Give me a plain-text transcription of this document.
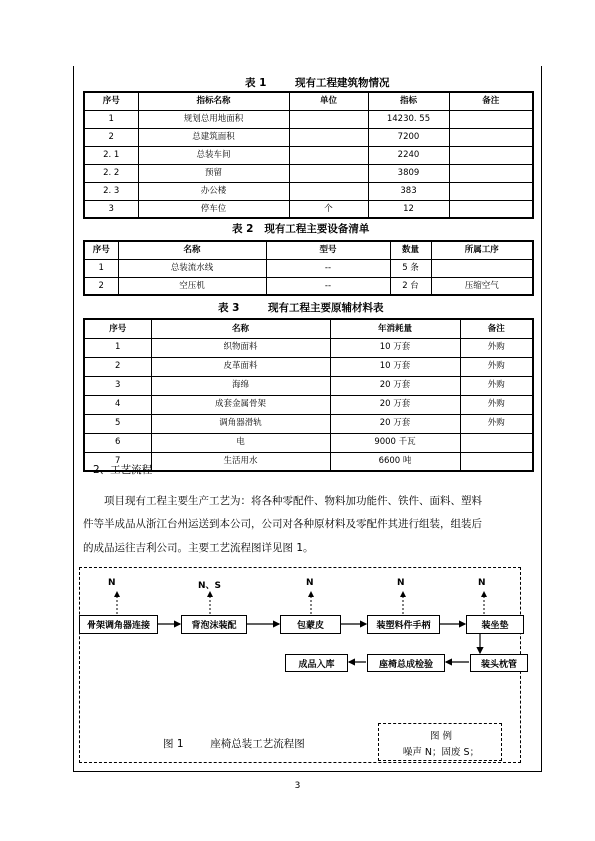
表 1	现有工程建筑物情况
序号	指标名称	单位	指标	备注
1	规划总用地面积		14230. 55	
2	总建筑面积		7200	
2. 1	总装车间		2240	
2. 2	预留		3809	
2. 3	办公楼		383	
3	停车位	个	12	
表 2   现有工程主要设备清单
序号	名称	型号	数量	所属工序
1	总装流水线	--	5 条	
2	空压机	--	2 台	压缩空气
表 3	现有工程主要原辅材料表
序号	名称	年消耗量	备注
1	织物面料	10 万套	外购
2	皮革面料	10 万套	外购
3	海绵	20 万套	外购
4	成套金属骨架	20 万套	外购
5	调角器滑轨	20 万套	外购
6	电	9000 千瓦	
7	生活用水	6600 吨	
2、工艺流程
项目现有工程主要生产工艺为：将各种零配件、物料加功能件、铁件、面料、塑料
件等半成品从浙江台州运送到本公司，公司对各种原材料及零配件其进行组装，组装后
的成品运往吉利公司。主要工艺流程图详见图 1。
N	N、S	N	N	N
骨架调角器连接	背泡沫装配	包蒙皮	装塑料件手柄	装坐垫
装头枕管
座椅总成检验
成品入库
图 1        座椅总装工艺流程图
图 例
噪声 N；固废 S；
3
